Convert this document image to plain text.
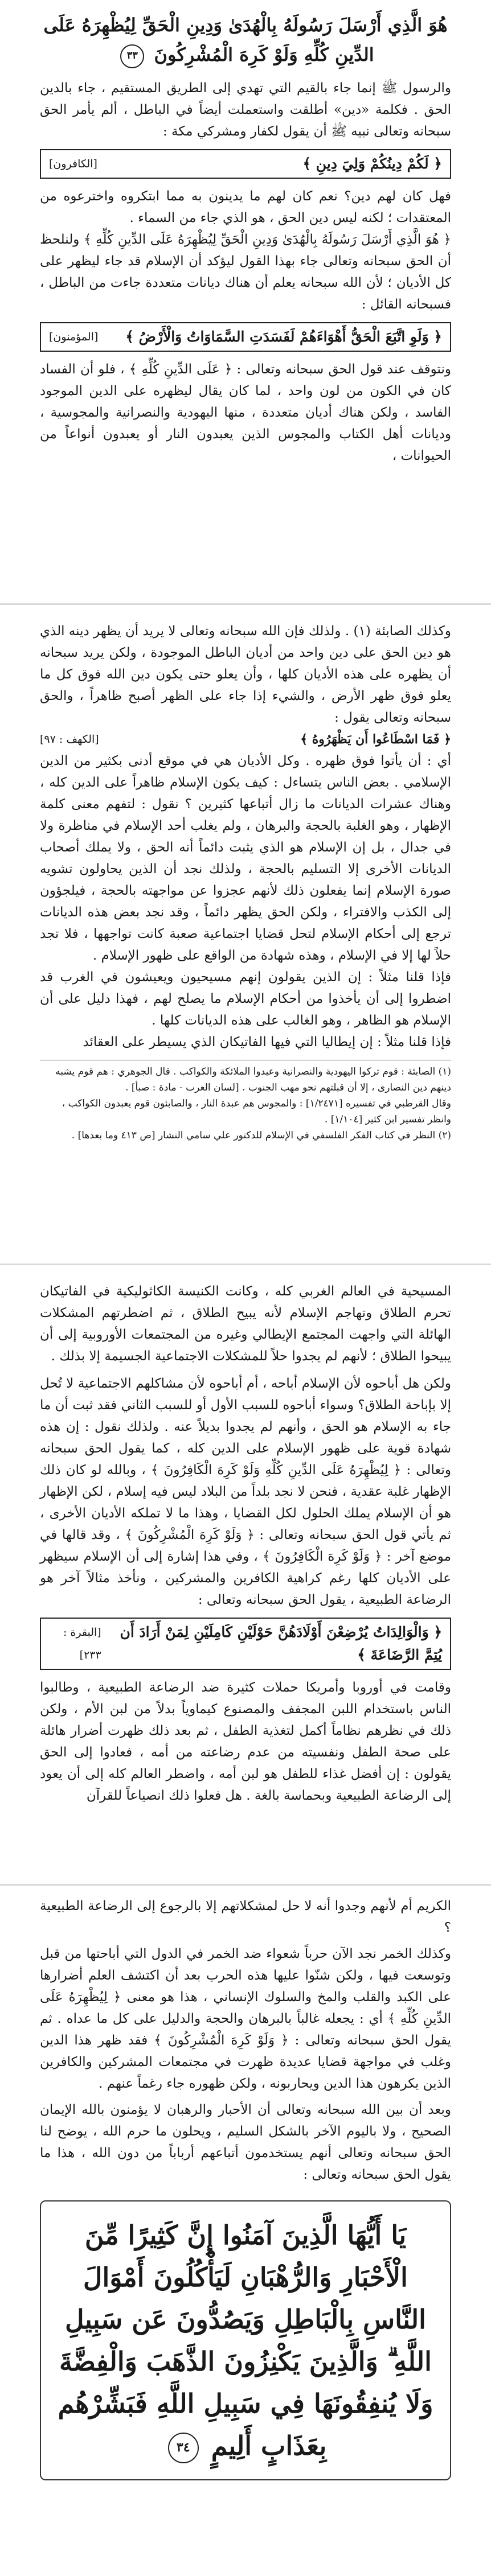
هُوَ الَّذِي أَرْسَلَ رَسُولَهُ بِالْهُدَىٰ وَدِينِ الْحَقِّ لِيُظْهِرَهُ عَلَى الدِّينِ كُلِّهِ وَلَوْ كَرِهَ الْمُشْرِكُونَ ٣٣

والرسول ﷺ إنما جاء بالقيم التي تهدي إلى الطريق المستقيم ، جاء بالدين الحق . فكلمة «دين» أطلقت واستعملت أيضاً في الباطل ، ألم يأمر الحق سبحانه وتعالى نبيه ﷺ أن يقول لكفار ومشركي مكة :

﴿ لَكُمْ دِينُكُمْ وَلِيَ دِينِ ﴾
[الكافرون]

فهل كان لهم دين؟ نعم كان لهم ما يدينون به مما ابتكروه واخترعوه من المعتقدات ؛ لكنه ليس دين الحق ، هو الذي جاء من السماء .

﴿ هُوَ الَّذِي أَرْسَلَ رَسُولَهُ بِالْهُدَىٰ وَدِينِ الْحَقِّ لِيُظْهِرَهُ عَلَى الدِّينِ كُلِّهِ ﴾ ولنلحظ أن الحق سبحانه وتعالى جاء بهذا القول ليؤكد أن الإسلام قد جاء ليظهر على كل الأديان ؛ لأن الله سبحانه يعلم أن هناك ديانات متعددة جاءت من الباطل ، فسبحانه القائل :

﴿ وَلَوِ اتَّبَعَ الْحَقُّ أَهْوَاءَهُمْ لَفَسَدَتِ السَّمَاوَاتُ وَالْأَرْضُ ﴾
[المؤمنون]

ونتوقف عند قول الحق سبحانه وتعالى : ﴿ عَلَى الدِّينِ كُلِّهِ ﴾ ، فلو أن الفساد كان في الكون من لون واحد ، لما كان يقال ليظهره على الدين الموجود الفاسد ، ولكن هناك أديان متعددة ، منها اليهودية والنصرانية والمجوسية ، وديانات أهل الكتاب والمجوس الذين يعبدون النار أو يعبدون أنواعاً من الحيوانات ،

وكذلك الصابئة (١) . ولذلك فإن الله سبحانه وتعالى لا يريد أن يظهر دينه الذي هو دين الحق على دين واحد من أديان الباطل الموجودة ، ولكن يريد سبحانه أن يظهره على هذه الأديان كلها ، وأن يعلو حتى يكون دين الله فوق كل ما يعلو فوق ظهر الأرض ، والشيء إذا جاء على الظهر أصبح ظاهراً ، والحق سبحانه وتعالى يقول :

﴿ فَمَا اسْطَاعُوا أَن يَظْهَرُوهُ ﴾
[الكهف : ٩٧]

أي : أن يأتوا فوق ظهره . وكل الأديان هي في موقع أدنى بكثير من الدين الإسلامي . بعض الناس يتساءل : كيف يكون الإسلام ظاهراً على الدين كله ، وهناك عشرات الديانات ما زال أتباعها كثيرين ؟ نقول : لتفهم معنى كلمة الإظهار ، وهو الغلبة بالحجة والبرهان ، ولم يغلب أحد الإسلام في مناظرة ولا في جدال ، بل إن الإسلام هو الذي يثبت دائماً أنه الحق ، ولا يملك أصحاب الديانات الأخرى إلا التسليم بالحجة ، ولذلك نجد أن الذين يحاولون تشويه صورة الإسلام إنما يفعلون ذلك لأنهم عجزوا عن مواجهته بالحجة ، فيلجؤون إلى الكذب والافتراء ، ولكن الحق يظهر دائماً ، وقد نجد بعض هذه الديانات ترجع إلى أحكام الإسلام لتحل قضايا اجتماعية صعبة كانت تواجهها ، فلا تجد حلاً لها إلا في الإسلام ، وهذه شهادة من الواقع على ظهور الإسلام .

فإذا قلنا مثلاً : إن الذين يقولون إنهم مسيحيون ويعيشون في الغرب قد اضطروا إلى أن يأخذوا من أحكام الإسلام ما يصلح لهم ، فهذا دليل على أن الإسلام هو الظاهر ، وهو الغالب على هذه الديانات كلها .

فإذا قلنا مثلاً : إن إيطاليا التي فيها الفاتيكان الذي يسيطر على العقائد

(١) الصابئة : قوم تركوا اليهودية والنصرانية وعبدوا الملائكة والكواكب . قال الجوهري : هم قوم يشبه دينهم دين النصارى ، إلا أن قبلتهم نحو مهب الجنوب . [لسان العرب - مادة : صبأ] .
وقال القرطبي في تفسيره [١/٢٤٧١] : والمجوس هم عبدة النار ، والصابئون قوم يعبدون الكواكب ، وانظر تفسير ابن كثير [١/١٠٤] .
(٢) النظر في كتاب الفكر الفلسفي في الإسلام للدكتور علي سامي النشار [ص ٤١٣ وما بعدها] .

المسيحية في العالم الغربي كله ، وكانت الكنيسة الكاثوليكية في الفاتيكان تحرم الطلاق وتهاجم الإسلام لأنه يبيح الطلاق ، ثم اضطرتهم المشكلات الهائلة التي واجهت المجتمع الإيطالي وغيره من المجتمعات الأوروبية إلى أن يبيحوا الطلاق ؛ لأنهم لم يجدوا حلاً للمشكلات الاجتماعية الجسيمة إلا بذلك .

ولكن هل أباحوه لأن الإسلام أباحه ، أم أباحوه لأن مشاكلهم الاجتماعية لا تُحل إلا بإباحة الطلاق؟ وسواء أباحوه للسبب الأول أو للسبب الثاني فقد ثبت أن ما جاء به الإسلام هو الحق ، وأنهم لم يجدوا بديلاً عنه . ولذلك نقول : إن هذه شهادة قوية على ظهور الإسلام على الدين كله ، كما يقول الحق سبحانه وتعالى : ﴿ لِيُظْهِرَهُ عَلَى الدِّينِ كُلِّهِ وَلَوْ كَرِهَ الْكَافِرُونَ ﴾ ، وبالله لو كان ذلك الإظهار غلبة عقدية ، فنحن لا نجد بلداً من البلاد ليس فيه إسلام ، لكن الإظهار هو أن الإسلام يملك الحلول لكل القضايا ، وهذا ما لا تملكه الأديان الأخرى ، ثم يأتي قول الحق سبحانه وتعالى : ﴿ وَلَوْ كَرِهَ الْمُشْرِكُونَ ﴾ ، وقد قالها في موضع آخر : ﴿ وَلَوْ كَرِهَ الْكَافِرُونَ ﴾ ، وفي هذا إشارة إلى أن الإسلام سيظهر على الأديان كلها رغم كراهية الكافرين والمشركين ، ونأخذ مثالاً آخر هو الرضاعة الطبيعية ، يقول الحق سبحانه وتعالى :

﴿ وَالْوَالِدَاتُ يُرْضِعْنَ أَوْلَادَهُنَّ حَوْلَيْنِ كَامِلَيْنِ لِمَنْ أَرَادَ أَن يُتِمَّ الرَّضَاعَةَ ﴾
[البقرة : ٢٣٣]

وقامت في أوروبا وأمريكا حملات كثيرة ضد الرضاعة الطبيعية ، وطالبوا الناس باستخدام اللبن المجفف والمصنوع كيماوياً بدلاً من لبن الأم ، ولكن ذلك في نظرهم نظاماً أكمل لتغذية الطفل ، ثم بعد ذلك ظهرت أضرار هائلة على صحة الطفل ونفسيته من عدم رضاعته من أمه ، فعادوا إلى الحق يقولون : إن أفضل غذاء للطفل هو لبن أمه ، واضطر العالم كله إلى أن يعود إلى الرضاعة الطبيعية وبحماسة بالغة . هل فعلوا ذلك انصياعاً للقرآن

الكريم أم لأنهم وجدوا أنه لا حل لمشكلاتهم إلا بالرجوع إلى الرضاعة الطبيعية ؟

وكذلك الخمر نجد الآن حرباً شعواء ضد الخمر في الدول التي أباحتها من قبل وتوسعت فيها ، ولكن شنّوا عليها هذه الحرب بعد أن اكتشف العلم أضرارها على الكبد والقلب والمخ والسلوك الإنساني ، هذا هو معنى ﴿ لِيُظْهِرَهُ عَلَى الدِّينِ كُلِّهِ ﴾ أي : يجعله غالباً بالبرهان والحجة والدليل على كل ما عداه . ثم يقول الحق سبحانه وتعالى : ﴿ وَلَوْ كَرِهَ الْمُشْرِكُونَ ﴾ فقد ظهر هذا الدين وغلب في مواجهة قضايا عديدة ظهرت في مجتمعات المشركين والكافرين الذين يكرهون هذا الدين ويحاربونه ، ولكن ظهوره جاء رغماً عنهم .

وبعد أن بين الله سبحانه وتعالى أن الأحبار والرهبان لا يؤمنون بالله الإيمان الصحيح ، ولا باليوم الآخر بالشكل السليم ، ويحلون ما حرم الله ، يوضح لنا الحق سبحانه وتعالى أنهم يستخدمون أتباعهم أرباباً من دون الله ، هذا ما يقول الحق سبحانه وتعالى :

يَا أَيُّهَا الَّذِينَ آمَنُوا إِنَّ كَثِيرًا مِّنَ الْأَحْبَارِ وَالرُّهْبَانِ لَيَأْكُلُونَ أَمْوَالَ النَّاسِ بِالْبَاطِلِ وَيَصُدُّونَ عَن سَبِيلِ اللَّهِ ۗ وَالَّذِينَ يَكْنِزُونَ الذَّهَبَ وَالْفِضَّةَ وَلَا يُنفِقُونَهَا فِي سَبِيلِ اللَّهِ فَبَشِّرْهُم بِعَذَابٍ أَلِيمٍ ٣٤
